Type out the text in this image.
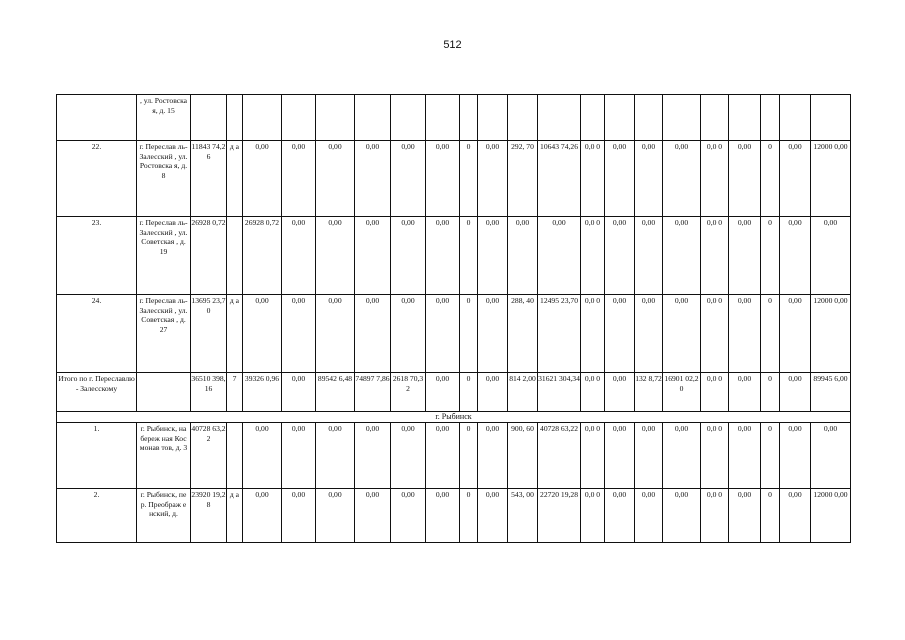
512
	, ул. Ростовска я, д. 15																							
22.	г. Переслав ль- Залесский , ул. Ростовска я, д. 8	11843 74,26	д а	0,00	0,00	0,00	0,00	0,00	0,00	0	0,00	292, 70	10643 74,26	0,0 0	0,00	0,00	0,00	0,0 0	0,00	0	0,00	12000 0,00	
23.	г. Переслав ль- Залесский , ул. Советская , д. 19	26928 0,72		26928 0,72	0,00	0,00	0,00	0,00	0,00	0	0,00	0,00	0,00	0,0 0	0,00	0,00	0,00	0,0 0	0,00	0	0,00	0,00	
24.	г. Переслав ль- Залесский , ул. Советская , д. 27	13695 23,70	д а	0,00	0,00	0,00	0,00	0,00	0,00	0	0,00	288, 40	12495 23,70	0,0 0	0,00	0,00	0,00	0,0 0	0,00	0	0,00	12000 0,00	
Итого по г. Переславлю- Залесскому		36510 398,16	7	39326 0,96	0,00	89542 6,48	74897 7,86	2618 70,32	0,00	0	0,00	814 2,00	31621 304,34	0,0 0	0,00	132 8,72	16901 02,20	0,0 0	0,00	0	0,00	89945 6,00	
г. Рыбинск																							
1.	г. Рыбинск, набереж ная Космонав тов, д. 3	40728 63,22		0,00	0,00	0,00	0,00	0,00	0,00	0	0,00	900, 60	40728 63,22	0,0 0	0,00	0,00	0,00	0,0 0	0,00	0	0,00	0,00	
2.	г. Рыбинск, пер. Преображ енский, д.	23920 19,28	д а	0,00	0,00	0,00	0,00	0,00	0,00	0	0,00	543, 00	22720 19,28	0,0 0	0,00	0,00	0,00	0,0 0	0,00	0	0,00	12000 0,00	
